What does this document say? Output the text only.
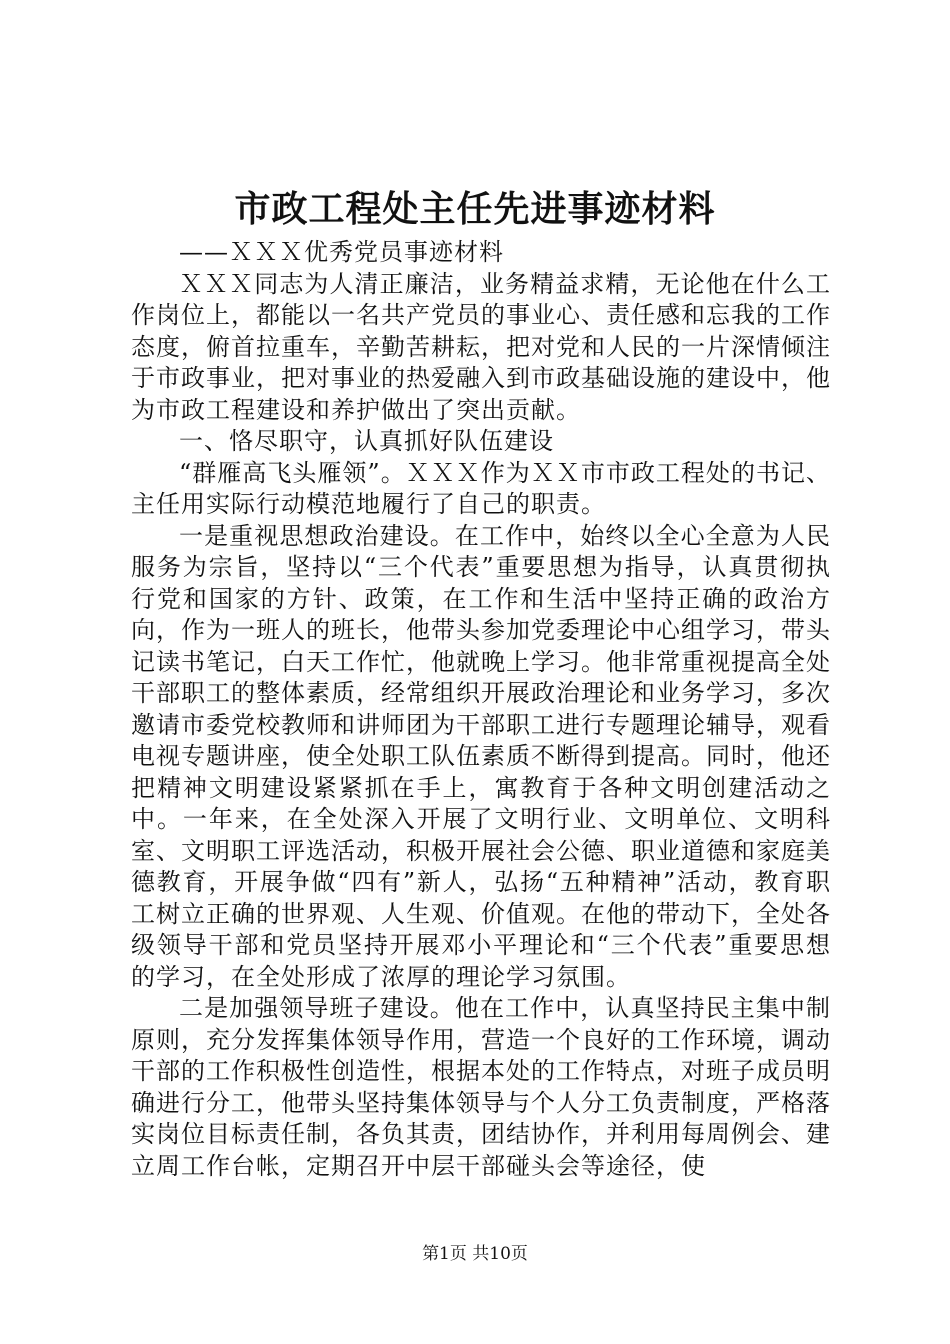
市政工程处主任先进事迹材料

——ＸＸＸ优秀党员事迹材料

ＸＸＸ同志为人清正廉洁，业务精益求精，无论他在什么工作岗位上，都能以一名共产党员的事业心、责任感和忘我的工作态度，俯首拉重车，辛勤苦耕耘，把对党和人民的一片深情倾注于市政事业，把对事业的热爱融入到市政基础设施的建设中，他为市政工程建设和养护做出了突出贡献。

一、恪尽职守，认真抓好队伍建设

“群雁高飞头雁领”。ＸＸＸ作为ＸＸ市市政工程处的书记、主任用实际行动模范地履行了自己的职责。

一是重视思想政治建设。在工作中，始终以全心全意为人民服务为宗旨，坚持以“三个代表”重要思想为指导，认真贯彻执行党和国家的方针、政策，在工作和生活中坚持正确的政治方向，作为一班人的班长，他带头参加党委理论中心组学习，带头记读书笔记，白天工作忙，他就晚上学习。他非常重视提高全处干部职工的整体素质，经常组织开展政治理论和业务学习，多次邀请市委党校教师和讲师团为干部职工进行专题理论辅导，观看电视专题讲座，使全处职工队伍素质不断得到提高。同时，他还把精神文明建设紧紧抓在手上，寓教育于各种文明创建活动之中。一年来，在全处深入开展了文明行业、文明单位、文明科室、文明职工评选活动，积极开展社会公德、职业道德和家庭美德教育，开展争做“四有”新人，弘扬“五种精神”活动，教育职工树立正确的世界观、人生观、价值观。在他的带动下，全处各级领导干部和党员坚持开展邓小平理论和“三个代表”重要思想的学习，在全处形成了浓厚的理论学习氛围。

二是加强领导班子建设。他在工作中，认真坚持民主集中制原则，充分发挥集体领导作用，营造一个良好的工作环境，调动干部的工作积极性创造性，根据本处的工作特点，对班子成员明确进行分工，他带头坚持集体领导与个人分工负责制度，严格落实岗位目标责任制，各负其责，团结协作，并利用每周例会、建立周工作台帐，定期召开中层干部碰头会等途径，使

第1页 共10页
